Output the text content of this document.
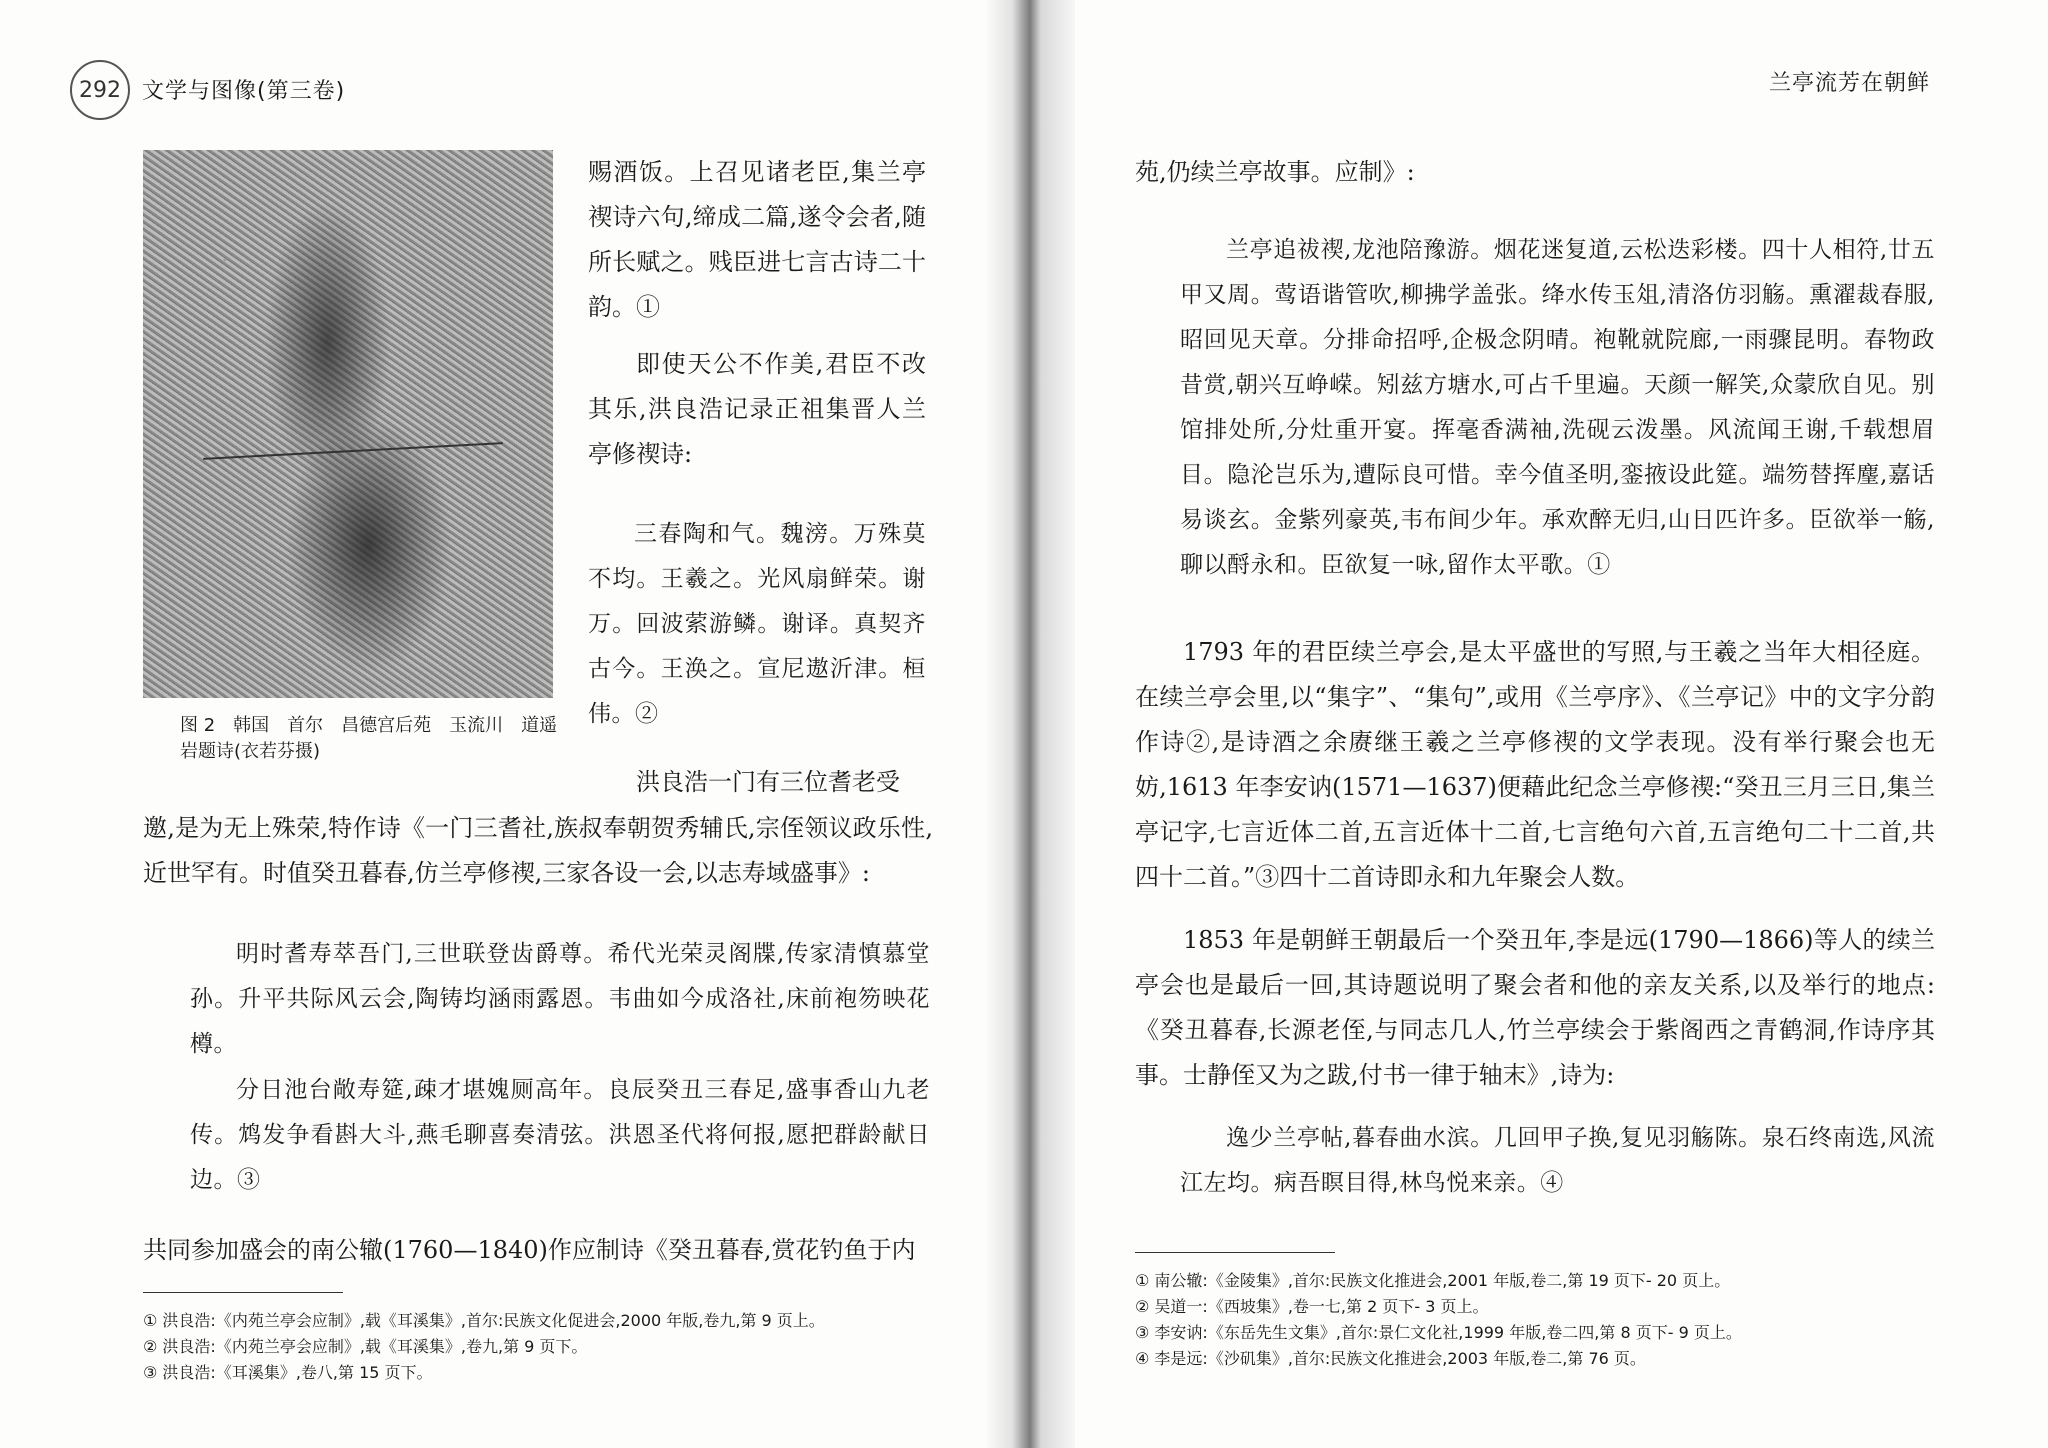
292 文学与图像(第三卷)
图 2　韩国　首尔　昌德宫后苑　玉流川　道遥岩题诗(衣若芬摄)
赐酒饭。上召见诸老臣,集兰亭禊诗六句,缔成二篇,遂令会者,随所长赋之。贱臣进七言古诗二十韵。①
即使天公不作美,君臣不改其乐,洪良浩记录正祖集晋人兰亭修禊诗:
三春陶和气。魏滂。万殊莫不均。王羲之。光风扇鲜荣。谢万。回波萦游鳞。谢译。真契齐古今。王涣之。宣尼遨沂津。桓伟。②
洪良浩一门有三位耆老受
邀,是为无上殊荣,特作诗《一门三耆社,族叔奉朝贺秀辅氏,宗侄领议政乐性,近世罕有。时值癸丑暮春,仿兰亭修禊,三家各设一会,以志寿域盛事》:
明时耆寿萃吾门,三世联登齿爵尊。希代光荣灵阁牒,传家清慎慕堂孙。升平共际风云会,陶铸均涵雨露恩。韦曲如今成洛社,床前袍笏映花樽。
分日池台敞寿筵,疎才堪媿厕高年。良辰癸丑三春足,盛事香山九老传。鸩发争看斟大斗,燕毛聊喜奏清弦。洪恩圣代将何报,愿把群龄献日边。③
共同参加盛会的南公辙(1760—1840)作应制诗《癸丑暮春,赏花钓鱼于内
① 洪良浩:《内苑兰亭会应制》,载《耳溪集》,首尔:民族文化促进会,2000 年版,卷九,第 9 页上。
② 洪良浩:《内苑兰亭会应制》,载《耳溪集》,卷九,第 9 页下。
③ 洪良浩:《耳溪集》,卷八,第 15 页下。
兰亭流芳在朝鲜
苑,仍续兰亭故事。应制》:
兰亭追祓禊,龙池陪豫游。烟花迷复道,云松迭彩楼。四十人相符,廿五甲又周。莺语谐管吹,柳拂学盖张。绛水传玉俎,清洛仿羽觞。熏濯裁春服,昭回见天章。分排命招呼,企极念阴晴。袍靴就院廊,一雨骤昆明。春物政昔赏,朝兴互峥嵘。矧兹方塘水,可占千里遍。天颜一解笑,众蒙欣自见。别馆排处所,分灶重开宴。挥毫香满袖,洗砚云泼墨。风流闻王谢,千载想眉目。隐沦岂乐为,遭际良可惜。幸今值圣明,銮掖设此筵。端笏替挥麈,嘉话易谈玄。金紫列豪英,韦布间少年。承欢醉无归,山日匹许多。臣欲举一觞,聊以酹永和。臣欲复一咏,留作太平歌。①
1793 年的君臣续兰亭会,是太平盛世的写照,与王羲之当年大相径庭。在续兰亭会里,以“集字”、“集句”,或用《兰亭序》、《兰亭记》中的文字分韵作诗②,是诗酒之余赓继王羲之兰亭修禊的文学表现。没有举行聚会也无妨,1613 年李安讷(1571—1637)便藉此纪念兰亭修禊:“癸丑三月三日,集兰亭记字,七言近体二首,五言近体十二首,七言绝句六首,五言绝句二十二首,共四十二首。”③四十二首诗即永和九年聚会人数。
1853 年是朝鲜王朝最后一个癸丑年,李是远(1790—1866)等人的续兰亭会也是最后一回,其诗题说明了聚会者和他的亲友关系,以及举行的地点:《癸丑暮春,长源老侄,与同志几人,竹兰亭续会于紫阁西之青鹤洞,作诗序其事。士静侄又为之跋,付书一律于轴末》,诗为:
逸少兰亭帖,暮春曲水滨。几回甲子换,复见羽觞陈。泉石终南选,风流江左均。病吾瞑目得,林鸟悦来亲。④
① 南公辙:《金陵集》,首尔:民族文化推进会,2001 年版,卷二,第 19 页下- 20 页上。
② 吴道一:《西坡集》,卷一七,第 2 页下- 3 页上。
③ 李安讷:《东岳先生文集》,首尔:景仁文化社,1999 年版,卷二四,第 8 页下- 9 页上。
④ 李是远:《沙矶集》,首尔:民族文化推进会,2003 年版,卷二,第 76 页。
